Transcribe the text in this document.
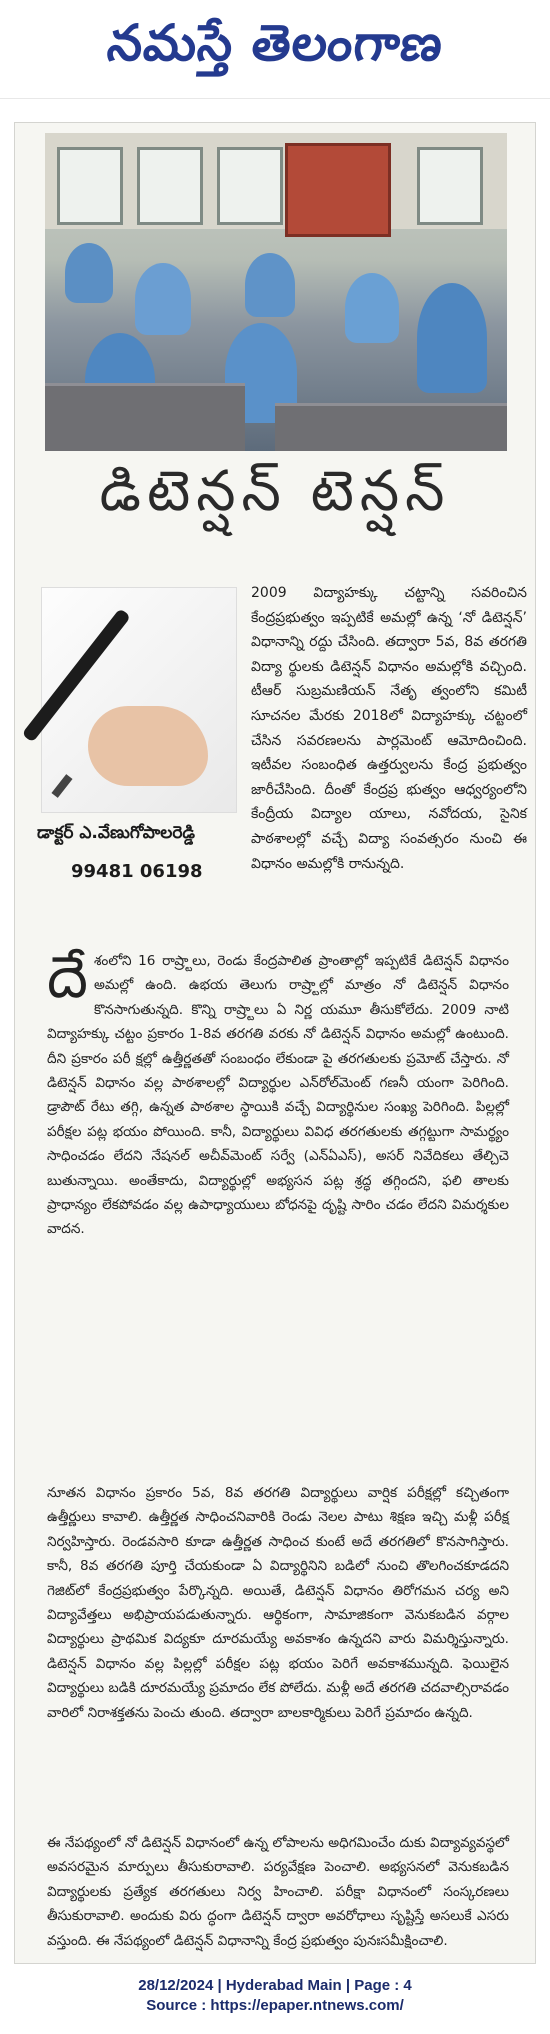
నమస్తే తెలంగాణ
డిటెన్షన్ టెన్షన్
2009 విద్యాహక్కు చట్టాన్ని సవరించిన కేంద్రప్రభుత్వం ఇప్పటికే అమల్లో ఉన్న ‘నో డిటెన్షన్’ విధానాన్ని రద్దు చేసింది. తద్వారా 5వ, 8వ తరగతి విద్యా ర్థులకు డిటెన్షన్ విధానం అమల్లోకి వచ్చింది. టీఆర్ సుబ్రమణియన్ నేతృ త్వంలోని కమిటీ సూచనల మేరకు 2018లో విద్యాహక్కు చట్టంలో చేసిన సవరణలను పార్లమెంట్ ఆమోదించింది. ఇటీవల సంబంధిత ఉత్తర్వులను కేంద్ర ప్రభుత్వం జారీచేసింది. దీంతో కేంద్రప్ర భుత్వం ఆధ్వర్యంలోని కేంద్రీయ విద్యాల యాలు, నవోదయ, సైనిక పాఠశాలల్లో వచ్చే విద్యా సంవత్సరం నుంచి ఈ విధానం అమల్లోకి రానున్నది.
డాక్టర్ ఎ.వేణుగోపాలరెడ్డి
99481 06198
దే శంలోని 16 రాష్ర్టాలు, రెండు కేంద్రపాలిత ప్రాంతాల్లో ఇప్పటికే డిటెన్షన్ విధానం అమల్లో ఉంది. ఉభయ తెలుగు రాష్ర్టాల్లో మాత్రం నో డిటెన్షన్ విధానం కొనసాగుతున్నది. కొన్ని రాష్ర్టాలు ఏ నిర్ణ యమూ తీసుకోలేదు. 2009 నాటి విద్యాహక్కు చట్టం ప్రకారం 1-8వ తరగతి వరకు నో డిటెన్షన్ విధానం అమల్లో ఉంటుంది. దీని ప్రకారం పరీ క్షల్లో ఉత్తీర్ణతతో సంబంధం లేకుండా పై తరగతులకు ప్రమోట్ చేస్తారు. నో డిటెన్షన్ విధానం వల్ల పాఠశాలల్లో విద్యార్థుల ఎన్‌రోల్‌మెంట్ గణనీ యంగా పెరిగింది. డ్రాపౌట్ రేటు తగ్గి, ఉన్నత పాఠశాల స్థాయికి వచ్చే విద్యార్థినుల సంఖ్య పెరిగింది. పిల్లల్లో పరీక్షల పట్ల భయం పోయింది. కానీ, విద్యార్థులు వివిధ తరగతులకు తగ్గట్టుగా సామర్థ్యం సాధించడం లేదని నేషనల్ అచీవ్‌మెంట్ సర్వే (ఎన్‌ఏఎస్), అసర్ నివేదికలు తేల్చిచె బుతున్నాయి. అంతేకాదు, విద్యార్థుల్లో అభ్యసన పట్ల శ్రద్ధ తగ్గిందని, ఫలి తాలకు ప్రాధాన్యం లేకపోవడం వల్ల ఉపాధ్యాయులు బోధనపై దృష్టి సారిం చడం లేదని విమర్శకుల వాదన.
నూతన విధానం ప్రకారం 5వ, 8వ తరగతి విద్యార్థులు వార్షిక పరీక్షల్లో కచ్చితంగా ఉత్తీర్ణులు కావాలి. ఉత్తీర్ణత సాధించనివారికి రెండు నెలల పాటు శిక్షణ ఇచ్చి మళ్లీ పరీక్ష నిర్వహిస్తారు. రెండవసారి కూడా ఉత్తీర్ణత సాధించ కుంటే అదే తరగతిలో కొనసాగిస్తారు. కానీ, 8వ తరగతి పూర్తి చేయకుండా ఏ విద్యార్థినిని బడిలో నుంచి తొలగించకూడదని గెజిట్‌లో కేంద్రప్రభుత్వం పేర్కొన్నది. అయితే, డిటెన్షన్ విధానం తిరోగమన చర్య అని విద్యావేత్తలు అభిప్రాయపడుతున్నారు. ఆర్థికంగా, సామాజికంగా వెనుకబడిన వర్గాల విద్యార్థులు ప్రాథమిక విద్యకూ దూరమయ్యే అవకాశం ఉన్నదని వారు విమర్శిస్తున్నారు. డిటెన్షన్ విధానం వల్ల పిల్లల్లో పరీక్షల పట్ల భయం పెరిగే అవకాశమున్నది. ఫెయిలైన విద్యార్థులు బడికి దూరమయ్యే ప్రమాదం లేక పోలేదు. మళ్లీ అదే తరగతి చదవాల్సిరావడం వారిలో నిరాశక్తతను పెంచు తుంది. తద్వారా బాలకార్మికులు పెరిగే ప్రమాదం ఉన్నది.
ఈ నేపథ్యంలో నో డిటెన్షన్ విధానంలో ఉన్న లోపాలను అధిగమించేం దుకు విద్యావ్యవస్థలో అవసరమైన మార్పులు తీసుకురావాలి. పర్యవేక్షణ పెంచాలి. అభ్యసనలో వెనుకబడిన విద్యార్థులకు ప్రత్యేక తరగతులు నిర్వ హించాలి. పరీక్షా విధానంలో సంస్కరణలు తీసుకురావాలి. అందుకు విరు ద్ధంగా డిటెన్షన్ ద్వారా అవరోధాలు సృష్టిస్తే అసలుకే ఎసరు వస్తుంది. ఈ నేపథ్యంలో డిటెన్షన్ విధానాన్ని కేంద్ర ప్రభుత్వం పునఃసమీక్షించాలి.
28/12/2024 | Hyderabad Main | Page : 4
Source : https://epaper.ntnews.com/
